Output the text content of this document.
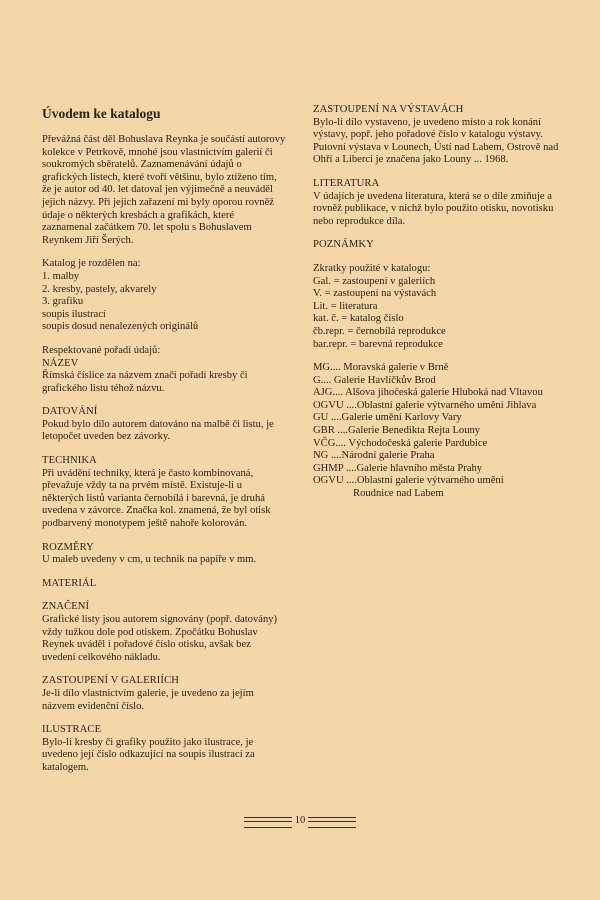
Úvodem ke katalogu

Převážná část děl Bohuslava Reynka je součástí autorovy kolekce v Petrkově, mnohé jsou vlastnictvím galerií či soukromých sběratelů. Zaznamenávání údajů o grafických listech, které tvoří většinu, bylo ztíženo tím, že je autor od 40. let datoval jen výjimečně a neuváděl jejich názvy. Při jejich zařazení mi byly oporou rovněž údaje o některých kresbách a grafikách, které zaznamenal začátkem 70. let spolu s Bohuslavem Reynkem Jiří Šerých.

Katalog je rozdělen na:
1. malby
2. kresby, pastely, akvarely
3. grafiku
soupis ilustrací
soupis dosud nenalezených originálů

Respektované pořadí údajů:

NÁZEV

Římská číslice za názvem značí pořadí kresby či grafického listu téhož názvu.

DATOVÁNÍ

Pokud bylo dílo autorem datováno na malbě či listu, je letopočet uveden bez závorky.

TECHNIKA

Při uvádění techniky, která je často kombinovaná, převažuje vždy ta na prvém místě. Existuje-li u některých listů varianta černobílá i barevná, je druhá uvedena v závorce. Značka kol. znamená, že byl otisk podbarvený monotypem ještě nahoře kolorován.

ROZMĚRY

U maleb uvedeny v cm, u technik na papíře v mm.

MATERIÁL

ZNAČENÍ

Grafické listy jsou autorem signovány (popř. datovány) vždy tužkou dole pod otiskem. Zpočátku Bohuslav Reynek uváděl i pořadové číslo otisku, avšak bez uvedení celkového nákladu.

ZASTOUPENÍ V GALERIÍCH

Je-li dílo vlastnictvím galerie, je uvedeno za jejím názvem evidenční číslo.

ILUSTRACE

Bylo-li kresby či grafiky použito jako ilustrace, je uvedeno její číslo odkazující na soupis ilustrací za katalogem.

ZASTOUPENÍ NA VÝSTAVÁCH

Bylo-li dílo vystaveno, je uvedeno místo a rok konání výstavy, popř. jeho pořadové číslo v katalogu výstavy. Putovní výstava v Lounech, Ústí nad Labem, Ostrově nad Ohří a Liberci je značena jako Louny ... 1968.

LITERATURA

V údajích je uvedena literatura, která se o díle zmiňuje a rovněž publikace, v nichž bylo použito otisku, novotisku nebo reprodukce díla.

POZNÁMKY

Zkratky použité v katalogu:
Gal. = zastoupení v galeriích
V. = zastoupení na výstavách
Lit. = literatura
kat. č. = katalog číslo
čb.repr. = černobílá reprodukce
bar.repr. = barevná reprodukce
MG.... Moravská galerie v Brně
G.... Galerie Havlíčkův Brod
AJG.... Alšova jihočeská galerie Hluboká nad Vltavou
OGVU ....Oblastní galerie výtvarného umění Jihlava
GU ....Galerie umění Karlovy Vary
GBR ....Galerie Benedikta Rejta Louny
VČG.... Východočeská galerie Pardubice
NG ....Národní galerie Praha
GHMP ....Galerie hlavního města Prahy
OGVU ....Oblastní galerie výtvarného umění
Roudnice nad Labem
10
